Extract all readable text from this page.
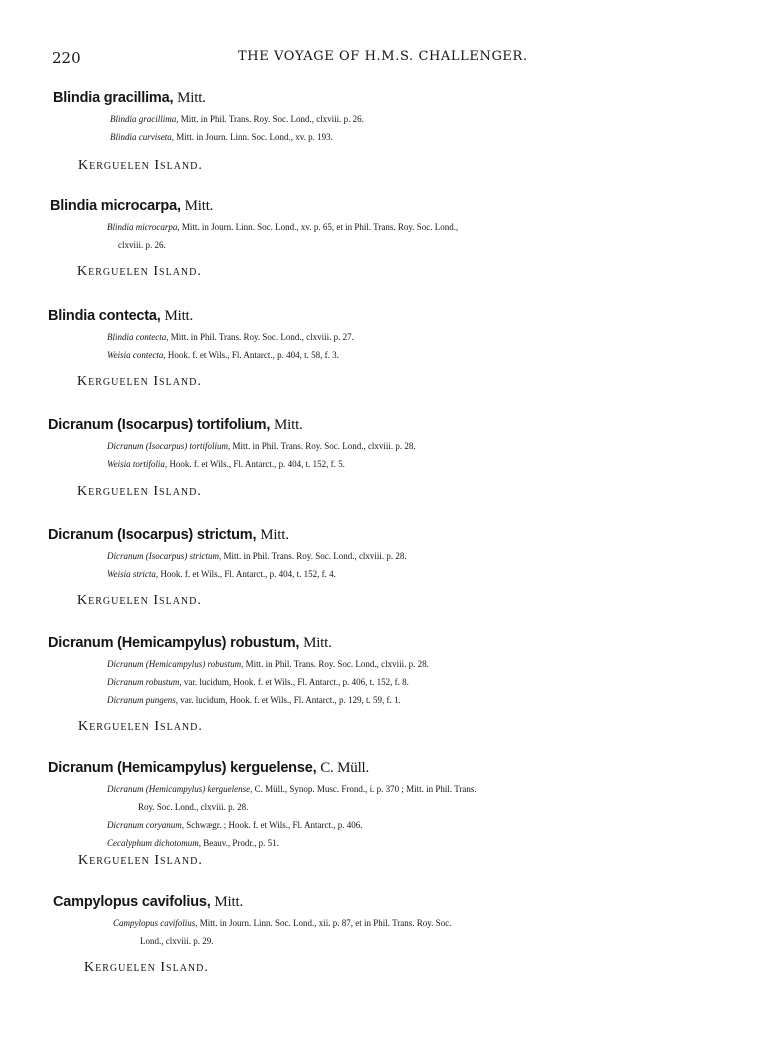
220	THE VOYAGE OF H.M.S. CHALLENGER.
Blindia gracillima, Mitt.
Blindia gracillima, Mitt. in Phil. Trans. Roy. Soc. Lond., clxviii. p. 26.
Blindia curviseta, Mitt. in Journ. Linn. Soc. Lond., xv. p. 193.
Kerguelen Island.
Blindia microcarpa, Mitt.
Blindia microcarpa, Mitt. in Journ. Linn. Soc. Lond., xv. p. 65, et in Phil. Trans. Roy. Soc. Lond.,
clxviii. p. 26.
Kerguelen Island.
Blindia contecta, Mitt.
Blindia contecta, Mitt. in Phil. Trans. Roy. Soc. Lond., clxviii. p. 27.
Weisia contecta, Hook. f. et Wils., Fl. Antarct., p. 404, t. 58, f. 3.
Kerguelen Island.
Dicranum (Isocarpus) tortifolium, Mitt.
Dicranum (Isocarpus) tortifolium, Mitt. in Phil. Trans. Roy. Soc. Lond., clxviii. p. 28.
Weisia tortifolia, Hook. f. et Wils., Fl. Antarct., p. 404, t. 152, f. 5.
Kerguelen Island.
Dicranum (Isocarpus) strictum, Mitt.
Dicranum (Isocarpus) strictum, Mitt. in Phil. Trans. Roy. Soc. Lond., clxviii. p. 28.
Weisia stricta, Hook. f. et Wils., Fl. Antarct., p. 404, t. 152, f. 4.
Kerguelen Island.
Dicranum (Hemicampylus) robustum, Mitt.
Dicranum (Hemicampylus) robustum, Mitt. in Phil. Trans. Roy. Soc. Lond., clxviii. p. 28.
Dicranum robustum, var. lucidum, Hook. f. et Wils., Fl. Antarct., p. 406, t. 152, f. 8.
Dicranum pungens, var. lucidum, Hook. f. et Wils., Fl. Antarct., p. 129, t. 59, f. 1.
Kerguelen Island.
Dicranum (Hemicampylus) kerguelense, C. Müll.
Dicranum (Hemicampylus) kerguelense, C. Müll., Synop. Musc. Frond., i. p. 370 ; Mitt. in Phil. Trans.
Roy. Soc. Lond., clxviii. p. 28.
Dicranum coryanum, Schwægr. ; Hook. f. et Wils., Fl. Antarct., p. 406.
Cecalyphum dichotomum, Beauv., Prodr., p. 51.
Kerguelen Island.
Campylopus cavifolius, Mitt.
Campylopus cavifolius, Mitt. in Journ. Linn. Soc. Lond., xii. p. 87, et in Phil. Trans. Roy. Soc.
Lond., clxviii. p. 29.
Kerguelen Island.
